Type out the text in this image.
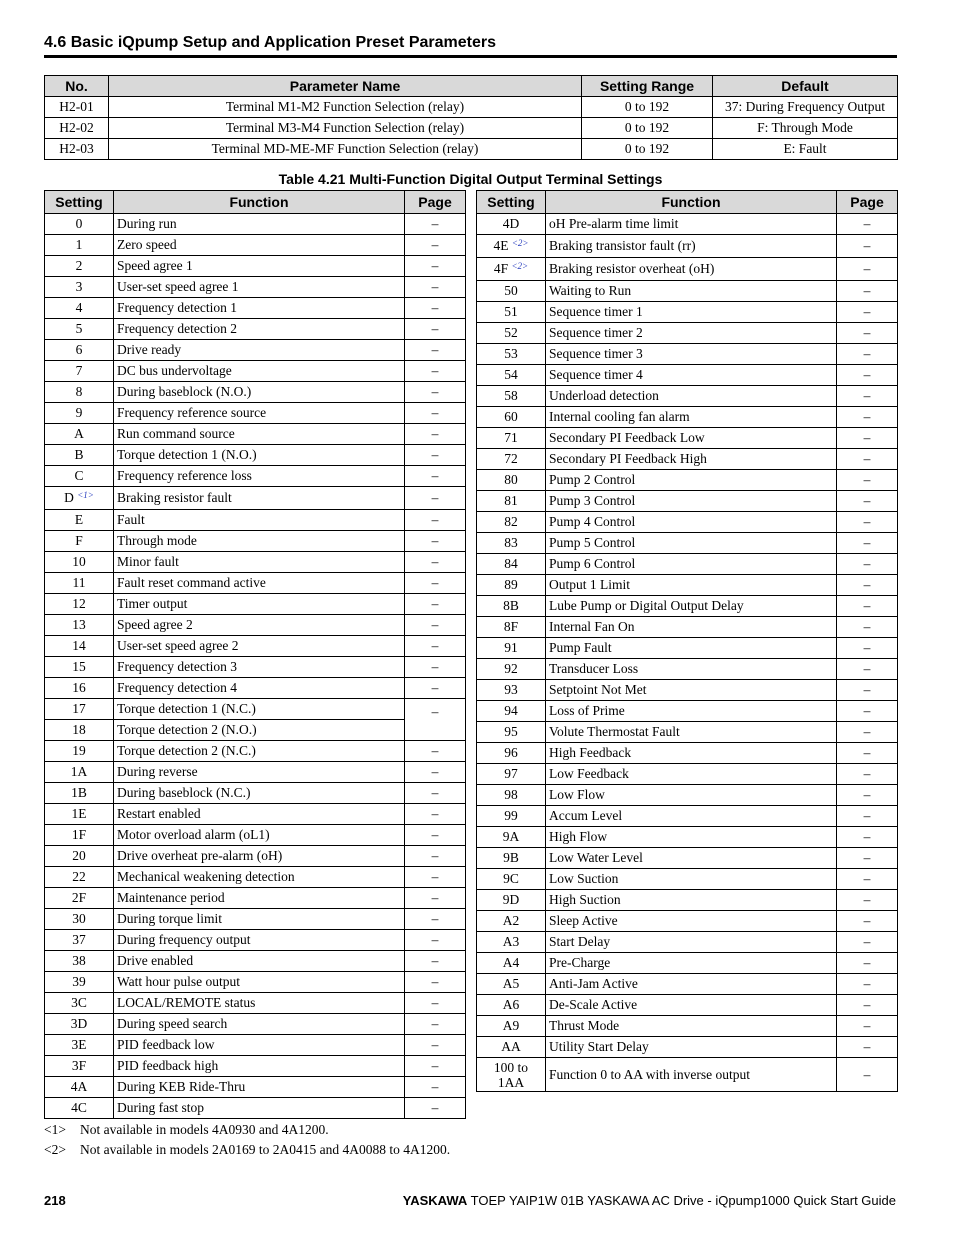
4.6 Basic iQpump Setup and Application Preset Parameters
No.	Parameter Name	Setting Range	Default
H2-01	Terminal M1-M2 Function Selection (relay)	0 to 192	37: During Frequency Output
H2-02	Terminal M3-M4 Function Selection (relay)	0 to 192	F: Through Mode
H2-03	Terminal MD-ME-MF Function Selection (relay)	0 to 192	E: Fault
Table 4.21 Multi-Function Digital Output Terminal Settings
Setting	Function	Page
0	During run	–
1	Zero speed	–
2	Speed agree 1	–
3	User-set speed agree 1	–
4	Frequency detection 1	–
5	Frequency detection 2	–
6	Drive ready	–
7	DC bus undervoltage	–
8	During baseblock (N.O.)	–
9	Frequency reference source	–
A	Run command source	–
B	Torque detection 1 (N.O.)	–
C	Frequency reference loss	–
D $^{<1>}$	Braking resistor fault	–
E	Fault	–
F	Through mode	–
10	Minor fault	–
11	Fault reset command active	–
12	Timer output	–
13	Speed agree 2	–
14	User-set speed agree 2	–
15	Frequency detection 3	–
16	Frequency detection 4	–
17	Torque detection 1 (N.C.)	–
18	Torque detection 2 (N.O.)	
19	Torque detection 2 (N.C.)	–
1A	During reverse	–
1B	During baseblock (N.C.)	–
1E	Restart enabled	–
1F	Motor overload alarm (oL1)	–
20	Drive overheat pre-alarm (oH)	–
22	Mechanical weakening detection	–
2F	Maintenance period	–
30	During torque limit	–
37	During frequency output	–
38	Drive enabled	–
39	Watt hour pulse output	–
3C	LOCAL/REMOTE status	–
3D	During speed search	–
3E	PID feedback low	–
3F	PID feedback high	–
4A	During KEB Ride-Thru	–
4C	During fast stop	–
Setting	Function	Page
4D	oH Pre-alarm time limit	–
4E $^{<2>}$	Braking transistor fault (rr)	–
4F $^{<2>}$	Braking resistor overheat (oH)	–
50	Waiting to Run	–
51	Sequence timer 1	–
52	Sequence timer 2	–
53	Sequence timer 3	–
54	Sequence timer 4	–
58	Underload detection	–
60	Internal cooling fan alarm	–
71	Secondary PI Feedback Low	–
72	Secondary PI Feedback High	–
80	Pump 2 Control	–
81	Pump 3 Control	–
82	Pump 4 Control	–
83	Pump 5 Control	–
84	Pump 6 Control	–
89	Output 1 Limit	–
8B	Lube Pump or Digital Output Delay	–
8F	Internal Fan On	–
91	Pump Fault	–
92	Transducer Loss	–
93	Setptoint Not Met	–
94	Loss of Prime	–
95	Volute Thermostat Fault	–
96	High Feedback	–
97	Low Feedback	–
98	Low Flow	–
99	Accum Level	–
9A	High Flow	–
9B	Low Water Level	–
9C	Low Suction	–
9D	High Suction	–
A2	Sleep Active	–
A3	Start Delay	–
A4	Pre-Charge	–
A5	Anti-Jam Active	–
A6	De-Scale Active	–
A9	Thrust Mode	–
AA	Utility Start Delay	–
100 to 1AA	Function 0 to AA with inverse output	–
<1> Not available in models 4A0930 and 4A1200.
<2> Not available in models 2A0169 to 2A0415 and 4A0088 to 4A1200.
218	YASKAWA TOEP YAIP1W 01B YASKAWA AC Drive - iQpump1000 Quick Start Guide
